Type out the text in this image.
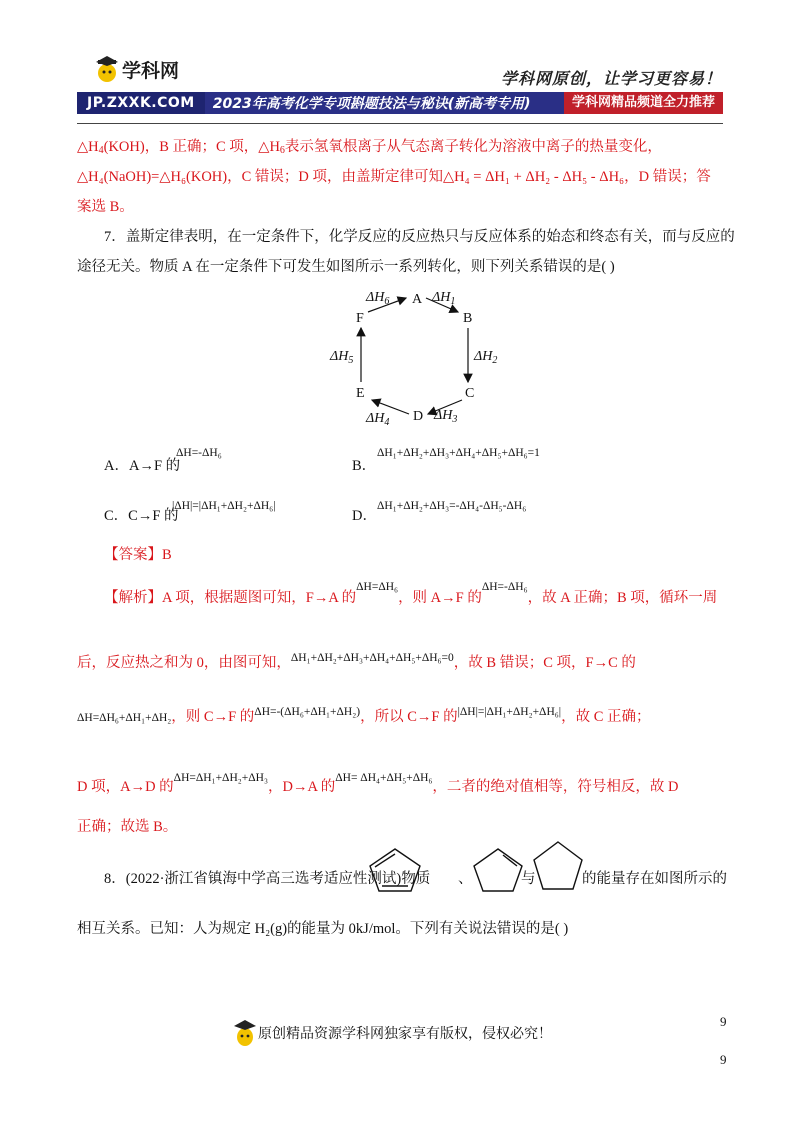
学科网	学科网原创，让学习更容易！
JP.ZXXK.COM	2023年高考化学专项斟题技法与秘诀(新高考专用)	学科网精品频道全力推荐
$\triangle H_4(KOH)$，B 正确；C 项，$\triangle H_6$表示氢氧根离子从气态离子转化为溶液中离子的热量变化，
△H₄(NaOH)=△H₆(KOH)，C 错误；D 项，由盖斯定律可知△H₄ = ΔH₁ + ΔH₂ - ΔH₅ - ΔH₆，D 错误；答
案选 B。
7．盖斯定律表明，在一定条件下，化学反应的反应热只与反应体系的始态和终态有关，而与反应的
途径无关。物质 A 在一定条件下可发生如图所示一系列转化，则下列关系错误的是( )
A
B
C
D
E
F
$\Delta H_1$
$\Delta H_2$
$\Delta H_3$
$\Delta H_4$
$\Delta H_5$
$\Delta H_6$
A．A→F 的
ΔH=-ΔH₆
B．
ΔH₁+ΔH₂+ΔH₃+ΔH₄+ΔH₅+ΔH₆=1
C．C→F 的
|ΔH|=|ΔH₁+ΔH₂+ΔH₆|
D．
ΔH₁+ΔH₂+ΔH₃=-ΔH₄-ΔH₅-ΔH₆
【答案】B
【解析】A 项，根据题图可知，F→A 的$^{\Delta H=\Delta H_6}$，则 A→F 的$^{\Delta H=-\Delta H_6}$，故 A 正确；B 项，循环一周
后，反应热之和为 0，由图可知，$^{\Delta H_1+\Delta H_2+\Delta H_3+\Delta H_4+\Delta H_5+\Delta H_6=0}$，故 B 错误；C 项，F→C 的
ΔH=ΔH₆+ΔH₁+ΔH₂，则 C→F 的$^{\Delta H=-(\Delta H_6+\Delta H_1+\Delta H_2)}$，所以 C→F 的$^{|\Delta H|=|\Delta H_1+\Delta H_2+\Delta H_6|}$，故 C 正确；
D 项，A→D 的$^{\Delta H=\Delta H_1+\Delta H_2+\Delta H_3}$，D→A 的$^{\Delta H= \Delta H_4+\Delta H_5+\Delta H_6}$，二者的绝对值相等，符号相反，故 D
正确；故选 B。
8．(2022·浙江省镇海中学高三选考适应性测试)物质 、	与	的能量存在如图所示的
相互关系。已知：人为规定 H₂(g)的能量为 0kJ/mol。下列有关说法错误的是( )
原创精品资源学科网独家享有版权，侵权必究！
9
9
